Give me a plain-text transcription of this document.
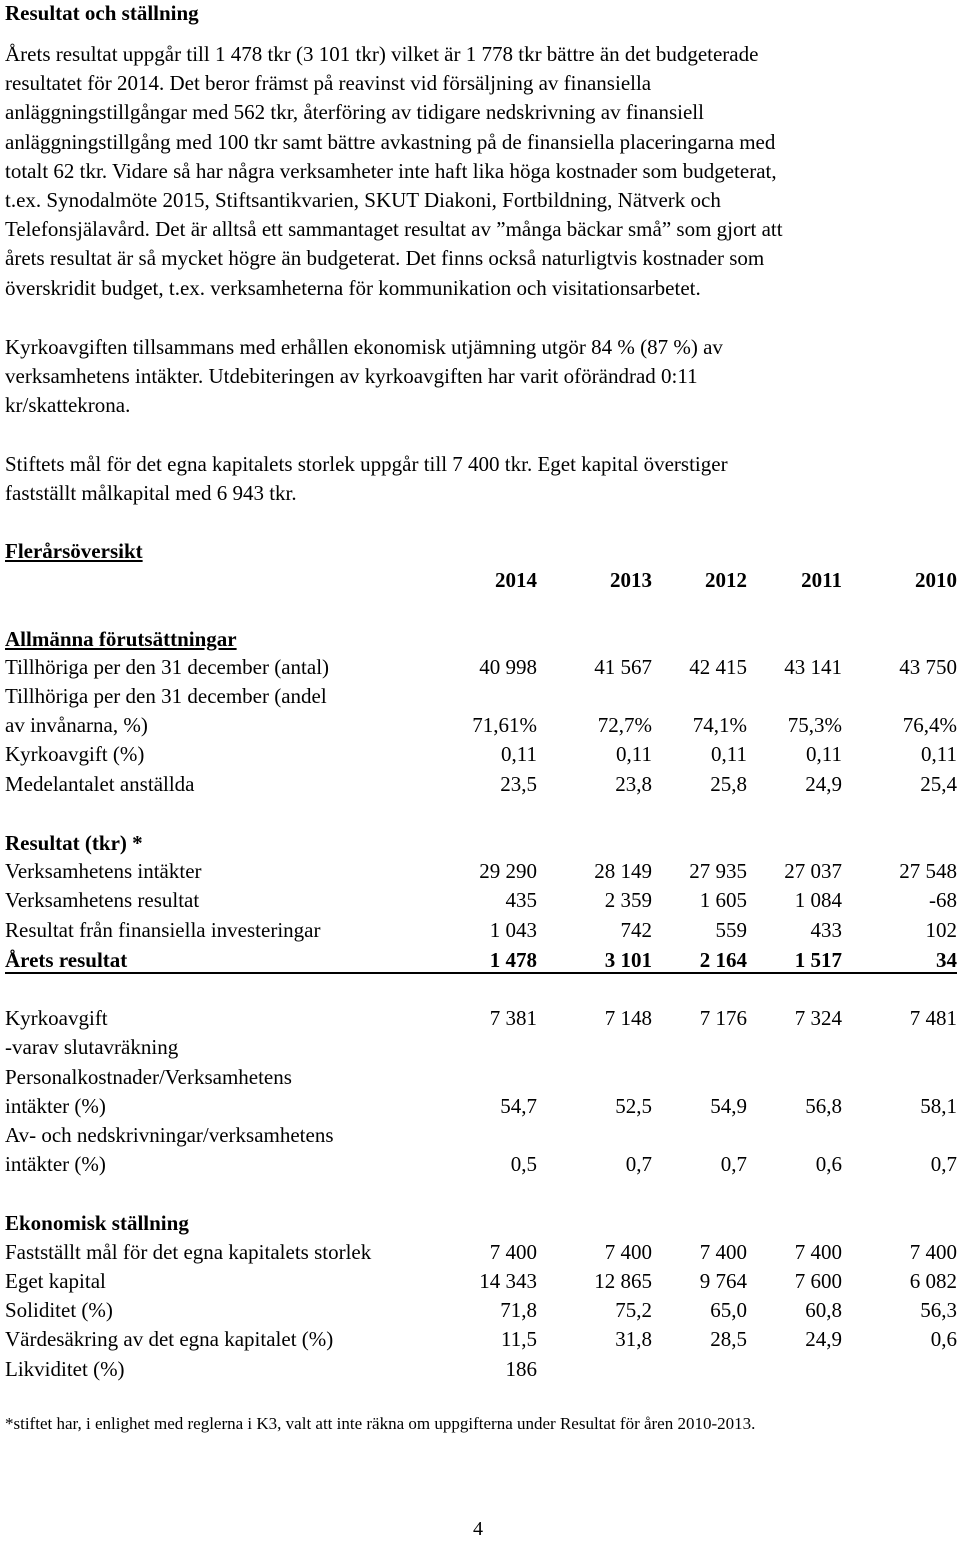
Resultat och ställning
Årets resultat uppgår till 1 478 tkr (3 101 tkr) vilket är 1 778 tkr bättre än det budgeterade
resultatet för 2014. Det beror främst på reavinst vid försäljning av finansiella
anläggningstillgångar med 562 tkr, återföring av tidigare nedskrivning av finansiell
anläggningstillgång med 100 tkr samt bättre avkastning på de finansiella placeringarna med
totalt 62 tkr. Vidare så har några verksamheter inte haft lika höga kostnader som budgeterat,
t.ex. Synodalmöte 2015, Stiftsantikvarien, SKUT Diakoni, Fortbildning, Nätverk och
Telefonsjälavård. Det är alltså ett sammantaget resultat av ”många bäckar små” som gjort att
årets resultat är så mycket högre än budgeterat. Det finns också naturligtvis kostnader som
överskridit budget, t.ex. verksamheterna för kommunikation och visitationsarbetet.
Kyrkoavgiften tillsammans med erhållen ekonomisk utjämning utgör 84 % (87 %) av
verksamhetens intäkter. Utdebiteringen av kyrkoavgiften har varit oförändrad 0:11
kr/skattekrona.
Stiftets mål för det egna kapitalets storlek uppgår till 7 400 tkr. Eget kapital överstiger
fastställt målkapital med 6 943 tkr.
Flerårsöversikt
2014	2013	2012	2011	2010
Allmänna förutsättningar
Tillhöriga per den 31 december (antal)	40 998	41 567	42 415	43 141	43 750
Tillhöriga per den 31 december (andel
av invånarna, %)	71,61%	72,7%	74,1%	75,3%	76,4%
Kyrkoavgift (%)	0,11	0,11	0,11	0,11	0,11
Medelantalet anställda	23,5	23,8	25,8	24,9	25,4
Resultat (tkr) *
Verksamhetens intäkter	29 290	28 149	27 935	27 037	27 548
Verksamhetens resultat	435	2 359	1 605	1 084	-68
Resultat från finansiella investeringar	1 043	742	559	433	102
Årets resultat	1 478	3 101	2 164	1 517	34
Kyrkoavgift	7 381	7 148	7 176	7 324	7 481
-varav slutavräkning
Personalkostnader/Verksamhetens
intäkter (%)	54,7	52,5	54,9	56,8	58,1
Av- och nedskrivningar/verksamhetens
intäkter (%)	0,5	0,7	0,7	0,6	0,7
Ekonomisk ställning
Fastställt mål för det egna kapitalets storlek	7 400	7 400	7 400	7 400	7 400
Eget kapital	14 343	12 865	9 764	7 600	6 082
Soliditet (%)	71,8	75,2	65,0	60,8	56,3
Värdesäkring av det egna kapitalet (%)	11,5	31,8	28,5	24,9	0,6
Likviditet (%)	186
*stiftet har, i enlighet med reglerna i K3, valt att inte räkna om uppgifterna under Resultat för åren 2010-2013.
4
